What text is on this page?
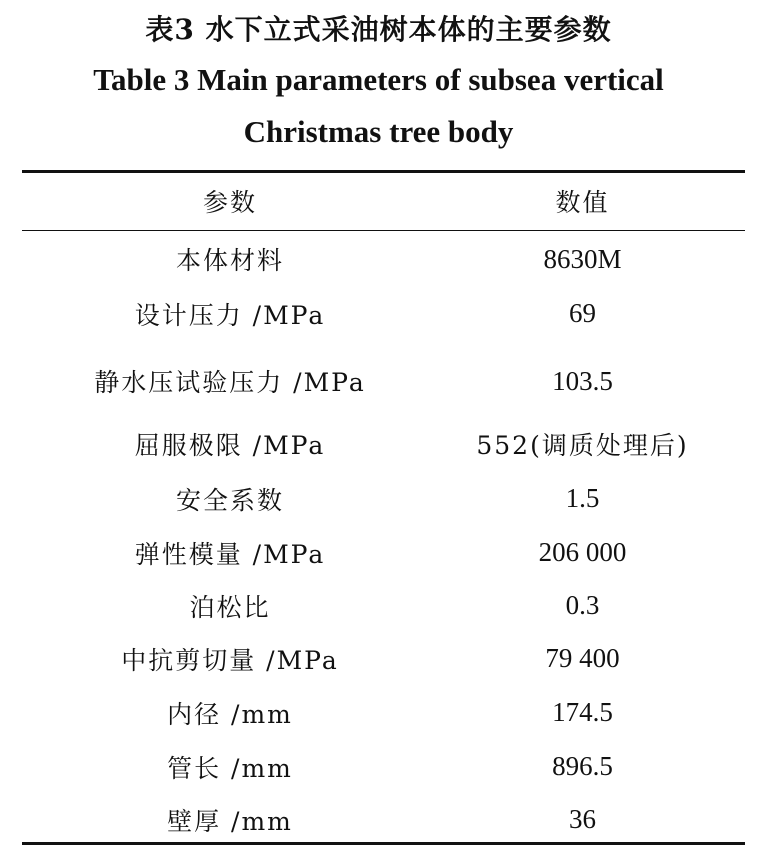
表3 水下立式采油树本体的主要参数
Table 3 Main parameters of subsea vertical
Christmas tree body
参数	数值
本体材料	8630M
设计压力 /MPa	69
静水压试验压力 /MPa	103.5
屈服极限 /MPa	552(调质处理后)
安全系数	1.5
弹性模量 /MPa	206 000
泊松比	0.3
中抗剪切量 /MPa	79 400
内径 /mm	174.5
管长 /mm	896.5
壁厚 /mm	36
